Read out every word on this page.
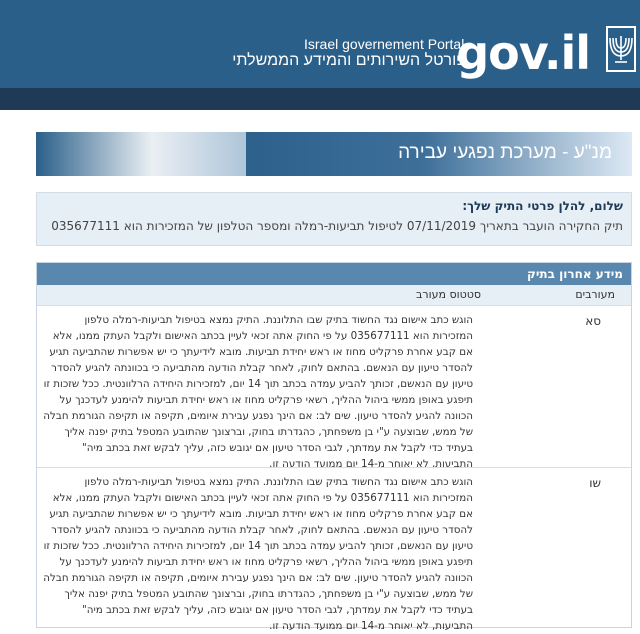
gov.il
Israel governement Portal
פורטל השירותים והמידע הממשלתי
מנ"ע - מערכת נפגעי עבירה
שלום, להלן פרטי התיק שלך:
תיק החקירה הועבר בתאריך 07/11/2019 לטיפול תביעות-רמלה ומספר הטלפון של המזכירות הוא 035677111
מידע אחרון בתיק
מעורבים
סטטוס מעורב
סא
הוגש כתב אישום נגד החשוד בתיק שבו התלוננת. התיק נמצא בטיפול תביעות-רמלה טלפון המזכירות הוא 035677111 על פי החוק אתה זכאי לעיין בכתב האישום ולקבל העתק ממנו, אלא אם קבע אחרת פרקליט מחוז או ראש יחידת תביעות. מובא לידיעתך כי יש אפשרות שהתביעה תגיע להסדר טיעון עם הנאשם. בהתאם לחוק, לאחר קבלת הודעה מהתביעה כי בכוונתה להגיע להסדר טיעון עם הנאשם, זכותך להביע עמדה בכתב תוך 14 יום, למזכירות היחידה הרלוונטית. ככל שזכות זו תיפגע באופן ממשי ביהול ההליך, רשאי פרקליט מחוז או ראש יחידת תביעות להימנע לעדכנך על הכוונה להגיע להסדר טיעון. שים לב: אם הינך נפגע עבירת איומים, תקיפה או תקיפה הגורמת חבלה של ממש, שבוצעה ע"י בן משפחתך, כהגדרתו בחוק, וברצונך שהתובע המטפל בתיק יפנה אליך בעתיד כדי לקבל את עמדתך, לגבי הסדר טיעון אם יגובש כזה, עליך לבקש זאת בכתב מיה" התביעות, לא יאוחר מ-14 יום ממועד הודעה זו.
שו
הוגש כתב אישום נגד החשוד בתיק שבו התלוננת. התיק נמצא בטיפול תביעות-רמלה טלפון המזכירות הוא 035677111 על פי החוק אתה זכאי לעיין בכתב האישום ולקבל העתק ממנו, אלא אם קבע אחרת פרקליט מחוז או ראש יחידת תביעות. מובא לידיעתך כי יש אפשרות שהתביעה תגיע להסדר טיעון עם הנאשם. בהתאם לחוק, לאחר קבלת הודעה מהתביעה כי בכוונתה להגיע להסדר טיעון עם הנאשם, זכותך להביע עמדה בכתב תוך 14 יום, למזכירות היחידה הרלוונטית. ככל שזכות זו תיפגע באופן ממשי ביהול ההליך, רשאי פרקליט מחוז או ראש יחידת תביעות להימנע לעדכנך על הכוונה להגיע להסדר טיעון. שים לב: אם הינך נפגע עבירת איומים, תקיפה או תקיפה הגורמת חבלה של ממש, שבוצעה ע"י בן משפחתך, כהגדרתו בחוק, וברצונך שהתובע המטפל בתיק יפנה אליך בעתיד כדי לקבל את עמדתך, לגבי הסדר טיעון אם יגובש כזה, עליך לבקש זאת בכתב מיה" התביעות, לא יאוחר מ-14 יום ממועד הודעה זו.
